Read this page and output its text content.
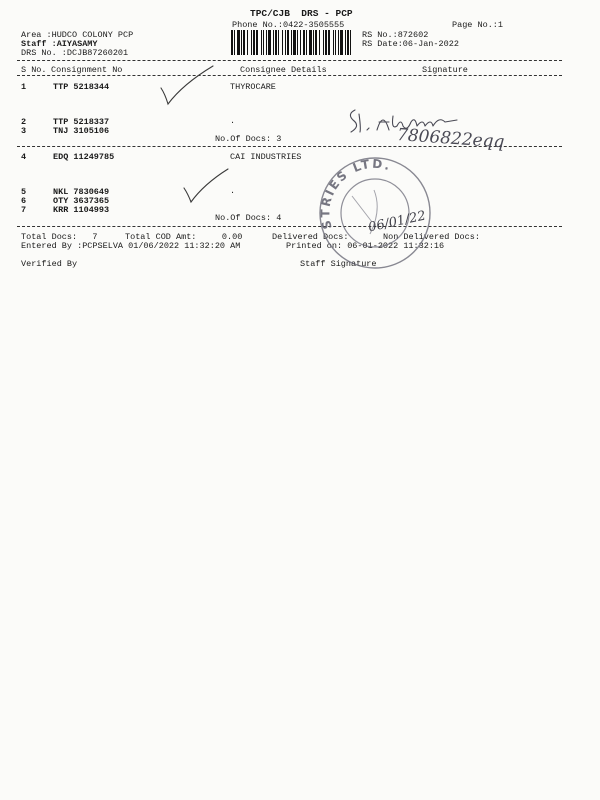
TPC/CJB  DRS - PCP
Phone No.:0422-3505555	Page No.:1
Area :HUDCO COLONY PCP
Staff :AIYASAMY
DRS No. :DCJB87260201
RS No.:872602
RS Date:06-Jan-2022
S No. Consignment No	Consignee Details	Signature
1	TTP 5218344	THYROCARE
2	TTP 5218337	.
3	TNJ 3105106
No.Of Docs: 3
4	EDQ 11249785	CAI INDUSTRIES
5	NKL 7830649	.
6	OTY 3637365
7	KRR 1104993
No.Of Docs: 4
Total Docs:   7	Total COD Amt:     0.00	Delivered Docs:	Non Delivered Docs:
Entered By :PCPSELVA 01/06/2022 11:32:20 AM	Printed on: 06-01-2022 11:32:16
Verified By	Staff Signature
7806822eqq
STRIES LTD.
06/01/22
